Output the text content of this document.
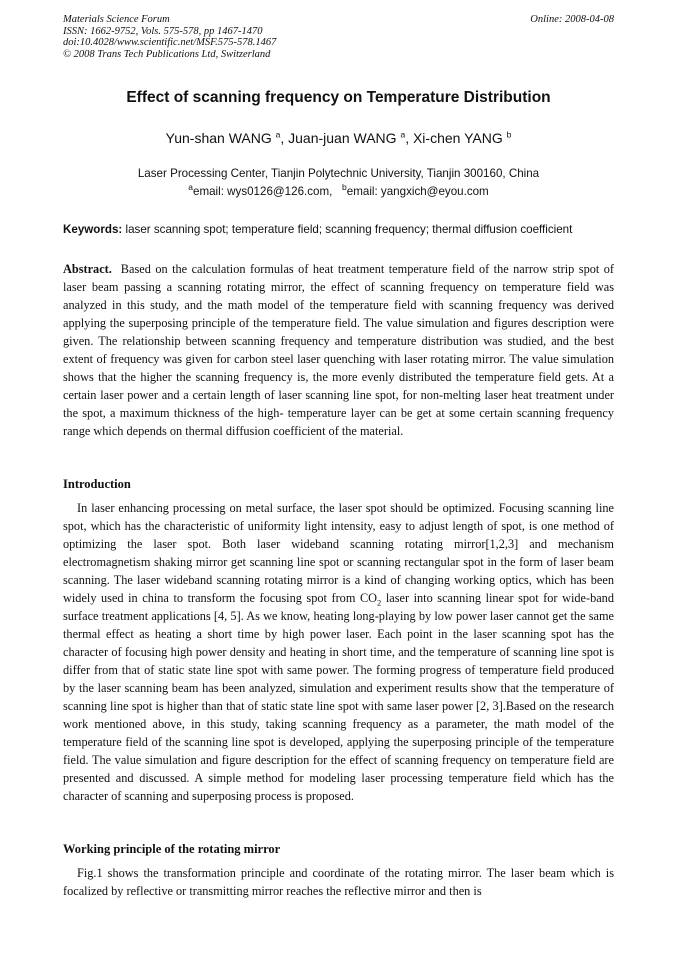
Materials Science Forum
ISSN: 1662-9752, Vols. 575-578, pp 1467-1470
doi:10.4028/www.scientific.net/MSF.575-578.1467
© 2008 Trans Tech Publications Ltd, Switzerland
Online: 2008-04-08
Effect of scanning frequency on Temperature Distribution
Yun-shan WANG $^a$, Juan-juan WANG $^a$, Xi-chen YANG $^b$
Laser Processing Center, Tianjin Polytechnic University, Tianjin 300160, China
$^a$email: wys0126@126.com, $^b$email: yangxich@eyou.com
Keywords: laser scanning spot; temperature field; scanning frequency; thermal diffusion coefficient
Abstract. Based on the calculation formulas of heat treatment temperature field of the narrow strip spot of laser beam passing a scanning rotating mirror, the effect of scanning frequency on temperature field was analyzed in this study, and the math model of the temperature field with scanning frequency was derived applying the superposing principle of the temperature field. The value simulation and figures description were given. The relationship between scanning frequency and temperature distribution was studied, and the best extent of frequency was given for carbon steel laser quenching with laser rotating mirror. The value simulation shows that the higher the scanning frequency is, the more evenly distributed the temperature field gets. At a certain laser power and a certain length of laser scanning line spot, for non-melting laser heat treatment under the spot, a maximum thickness of the high- temperature layer can be get at some certain scanning frequency range which depends on thermal diffusion coefficient of the material.
Introduction
In laser enhancing processing on metal surface, the laser spot should be optimized. Focusing scanning line spot, which has the characteristic of uniformity light intensity, easy to adjust length of spot, is one method of optimizing the laser spot. Both laser wideband scanning rotating mirror[1,2,3] and mechanism electromagnetism shaking mirror get scanning line spot or scanning rectangular spot in the form of laser beam scanning. The laser wideband scanning rotating mirror is a kind of changing working optics, which has been widely used in china to transform the focusing spot from $CO_2$ laser into scanning linear spot for wide-band surface treatment applications [4, 5]. As we know, heating long-playing by low power laser cannot get the same thermal effect as heating a short time by high power laser. Each point in the laser scanning spot has the character of focusing high power density and heating in short time, and the temperature of scanning line spot is differ from that of static state line spot with same power. The forming progress of temperature field produced by the laser scanning beam has been analyzed, simulation and experiment results show that the temperature of scanning line spot is higher than that of static state line spot with same laser power [2, 3].Based on the research work mentioned above, in this study, taking scanning frequency as a parameter, the math model of the temperature field of the scanning line spot is developed, applying the superposing principle of the temperature field. The value simulation and figure description for the effect of scanning frequency on temperature field are presented and discussed. A simple method for modeling laser processing temperature field which has the character of scanning and superposing process is proposed.
Working principle of the rotating mirror
Fig.1 shows the transformation principle and coordinate of the rotating mirror. The laser beam which is focalized by reflective or transmitting mirror reaches the reflective mirror and then is
